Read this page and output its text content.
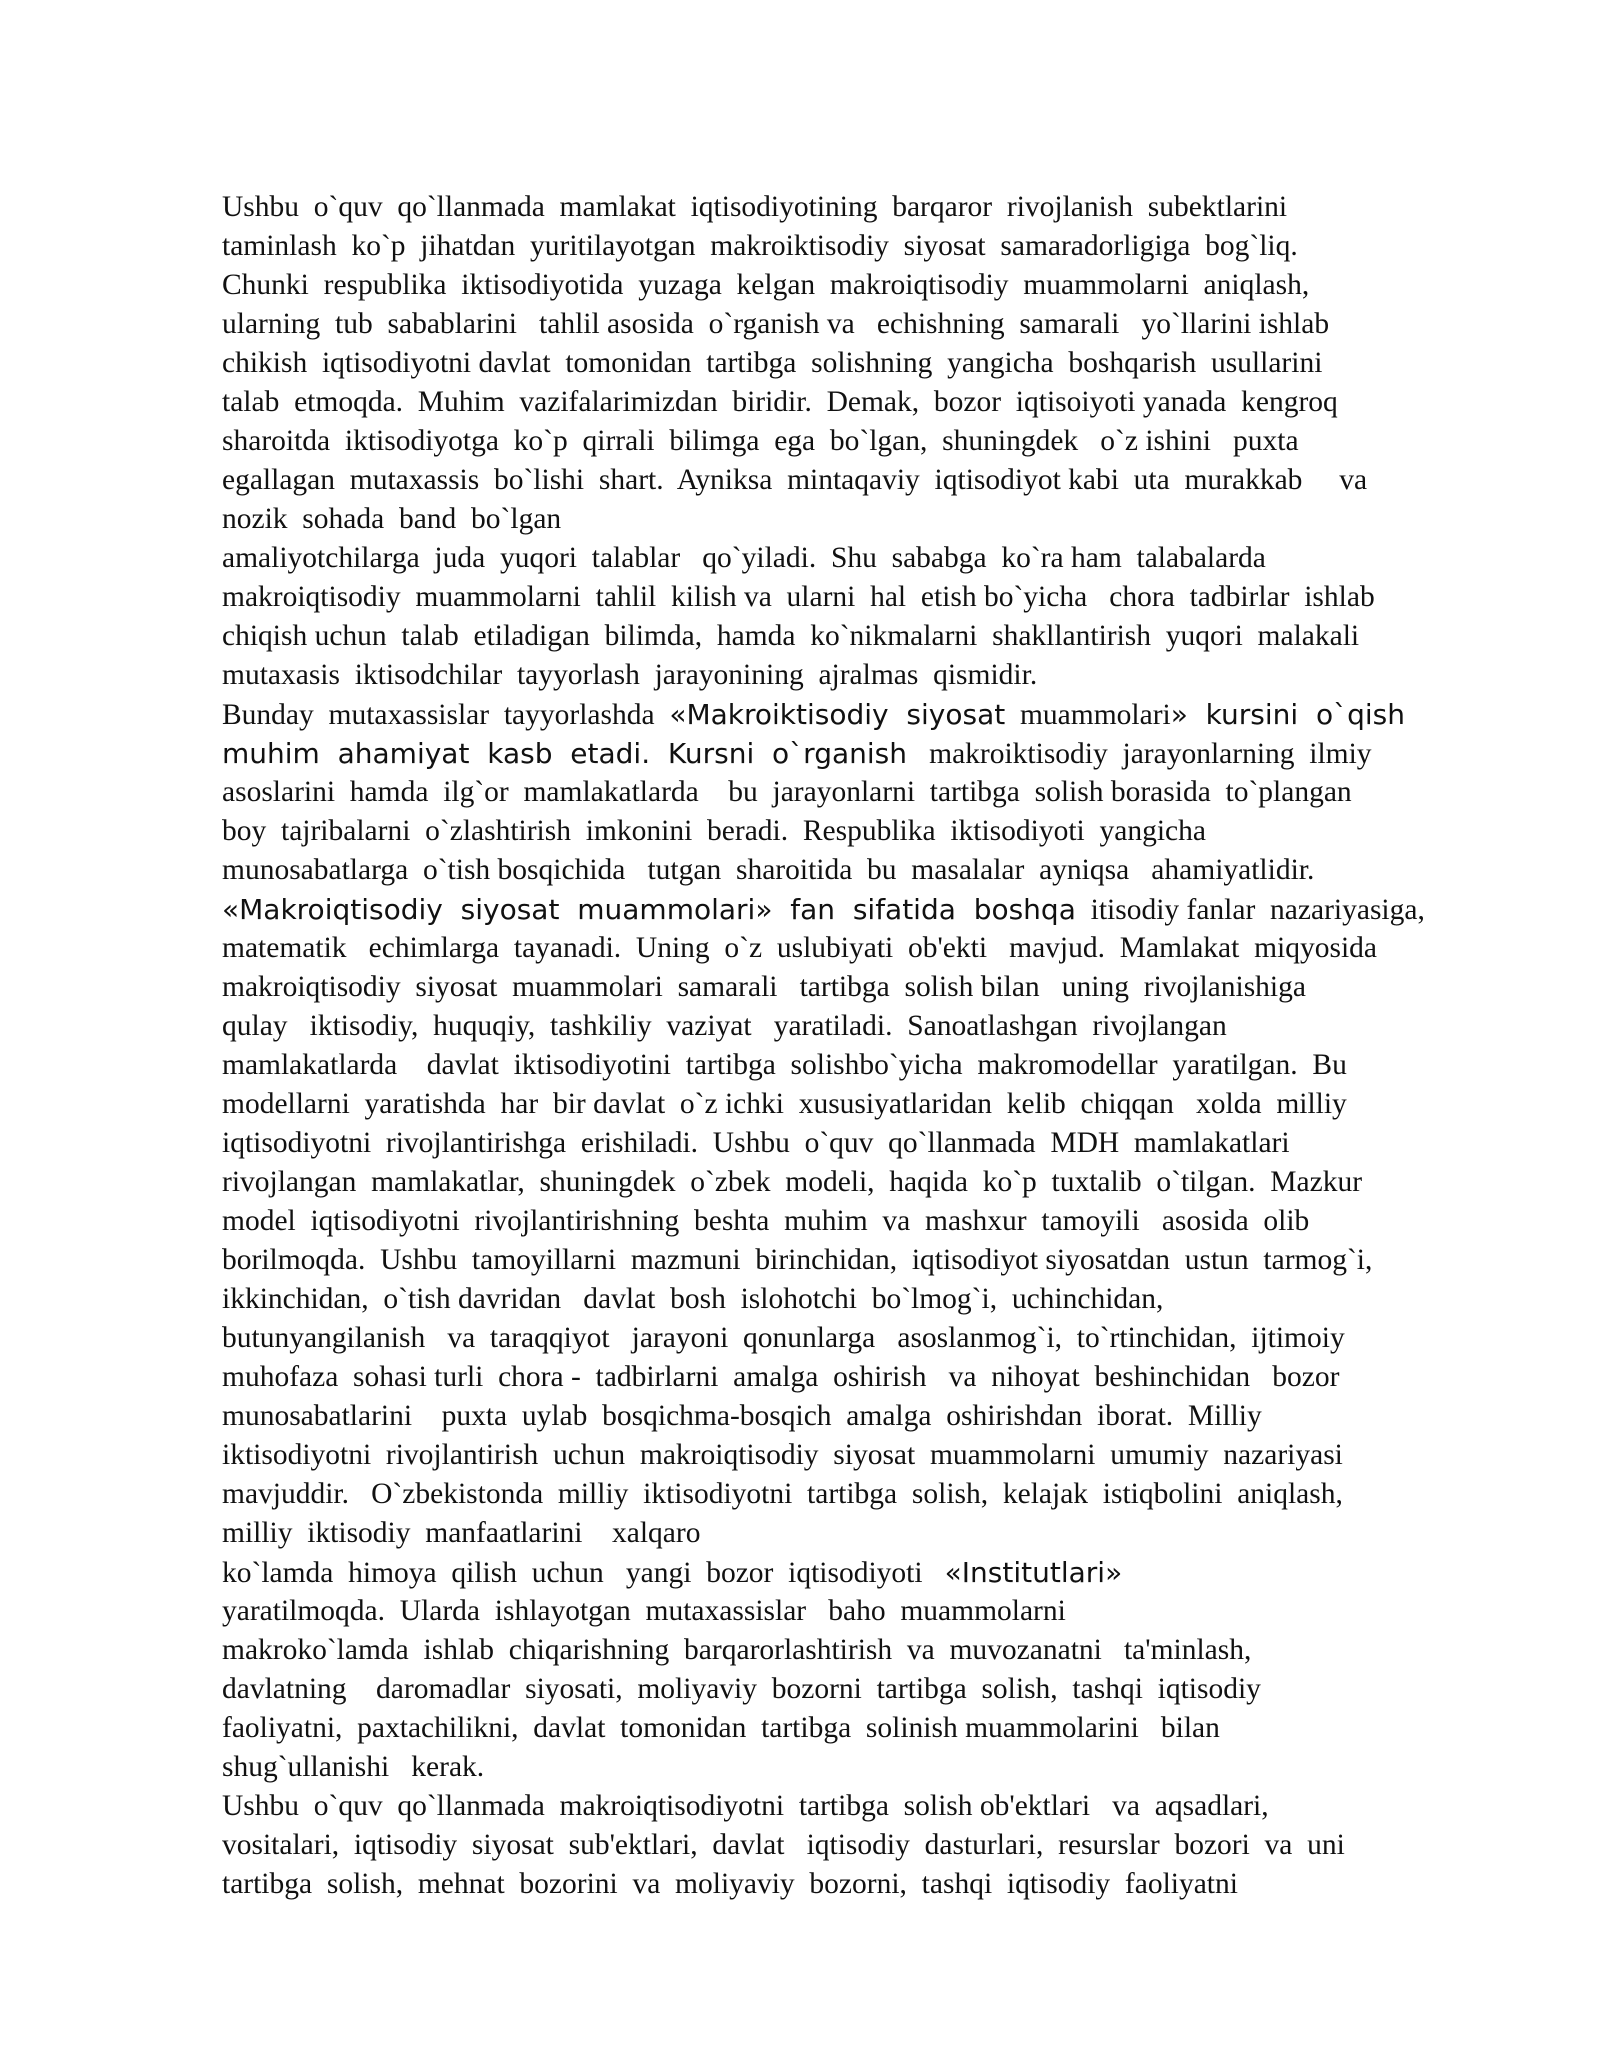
Ushbu  o`quv  qo`llanmada  mamlakat  iqtisodiyotining  barqaror  rivojlanish  subektlarini
taminlash  ko`p  jihatdan  yuritilayotgan  makroiktisodiy  siyosat  samaradorligiga  bog`liq.
Chunki  respublika  iktisodiyotida  yuzaga  kelgan  makroiqtisodiy  muammolarni  aniqlash,
ularning  tub  sabablarini   tahlil asosida  o`rganish va   echishning  samarali   yo`llarini ishlab
chikish  iqtisodiyotni davlat  tomonidan  tartibga  solishning  yangicha  boshqarish  usullarini
talab  etmoqda.  Muhim  vazifalarimizdan  biridir.  Demak,  bozor  iqtisoiyoti yanada  kengroq
sharoitda  iktisodiyotga  ko`p  qirrali  bilimga  ega  bo`lgan,  shuningdek   o`z ishini   puxta
egallagan  mutaxassis  bo`lishi  shart.  Ayniksa  mintaqaviy  iqtisodiyot kabi  uta  murakkab     va
nozik  sohada  band  bo`lgan
amaliyotchilarga  juda  yuqori  talablar   qo`yiladi.  Shu  sababga  ko`ra ham  talabalarda
makroiqtisodiy  muammolarni  tahlil  kilish va  ularni  hal  etish bo`yicha   chora  tadbirlar  ishlab
chiqish uchun  talab  etiladigan  bilimda,  hamda  ko`nikmalarni  shakllantirish  yuqori  malakali
mutaxasis  iktisodchilar  tayyorlash  jarayonining  ajralmas  qismidir.
Bunday  mutaxassislar  tayyorlashda  «Makroiktisodiy  siyosat  muammolari»  kursini  o`qish
muhim  ahamiyat  kasb  etadi.  Kursni  o`rganish   makroiktisodiy  jarayonlarning  ilmiy
asoslarini  hamda  ilg`or  mamlakatlarda    bu  jarayonlarni  tartibga  solish borasida  to`plangan
boy  tajribalarni  o`zlashtirish  imkonini  beradi.  Respublika  iktisodiyoti  yangicha
munosabatlarga  o`tish bosqichida   tutgan  sharoitida  bu  masalalar  ayniqsa   ahamiyatlidir.
«Makroiqtisodiy  siyosat  muammolari»  fan  sifatida  boshqa  itisodiy fanlar  nazariyasiga,
matematik   echimlarga  tayanadi.  Uning  o`z  uslubiyati  ob'ekti   mavjud.  Mamlakat  miqyosida
makroiqtisodiy  siyosat  muammolari  samarali   tartibga  solish bilan   uning  rivojlanishiga
qulay   iktisodiy,  huquqiy,  tashkiliy  vaziyat   yaratiladi.  Sanoatlashgan  rivojlangan
mamlakatlarda    davlat  iktisodiyotini  tartibga  solishbo`yicha  makromodellar  yaratilgan.  Bu
modellarni  yaratishda  har  bir davlat  o`z ichki  xususiyatlaridan  kelib  chiqqan   xolda  milliy
iqtisodiyotni  rivojlantirishga  erishiladi.  Ushbu  o`quv  qo`llanmada  MDH  mamlakatlari
rivojlangan  mamlakatlar,  shuningdek  o`zbek  modeli,  haqida  ko`p  tuxtalib  o`tilgan.  Mazkur
model  iqtisodiyotni  rivojlantirishning  beshta  muhim  va  mashxur  tamoyili   asosida  olib
borilmoqda.  Ushbu  tamoyillarni  mazmuni  birinchidan,  iqtisodiyot siyosatdan  ustun  tarmog`i,
ikkinchidan,  o`tish davridan   davlat  bosh  islohotchi  bo`lmog`i,  uchinchidan,
butunyangilanish   va  taraqqiyot   jarayoni  qonunlarga   asoslanmog`i,  to`rtinchidan,  ijtimoiy
muhofaza  sohasi turli  chora -  tadbirlarni  amalga  oshirish   va  nihoyat  beshinchidan   bozor
munosabatlarini    puxta  uylab  bosqichma-bosqich  amalga  oshirishdan  iborat.  Milliy
iktisodiyotni  rivojlantirish  uchun  makroiqtisodiy  siyosat  muammolarni  umumiy  nazariyasi
mavjuddir.   O`zbekistonda  milliy  iktisodiyotni  tartibga  solish,  kelajak  istiqbolini  aniqlash,
milliy  iktisodiy  manfaatlarini    xalqaro
ko`lamda  himoya  qilish  uchun   yangi  bozor  iqtisodiyoti   «Institutlari»
yaratilmoqda.  Ularda  ishlayotgan  mutaxassislar   baho  muammolarni
makroko`lamda  ishlab  chiqarishning  barqarorlashtirish  va  muvozanatni   ta'minlash,
davlatning    daromadlar  siyosati,  moliyaviy  bozorni  tartibga  solish,  tashqi  iqtisodiy
faoliyatni,  paxtachilikni,  davlat  tomonidan  tartibga  solinish muammolarini   bilan
shug`ullanishi   kerak.
Ushbu  o`quv  qo`llanmada  makroiqtisodiyotni  tartibga  solish ob'ektlari   va  aqsadlari,
vositalari,  iqtisodiy  siyosat  sub'ektlari,  davlat   iqtisodiy  dasturlari,  resurslar  bozori  va  uni
tartibga  solish,  mehnat  bozorini  va  moliyaviy  bozorni,  tashqi  iqtisodiy  faoliyatni
